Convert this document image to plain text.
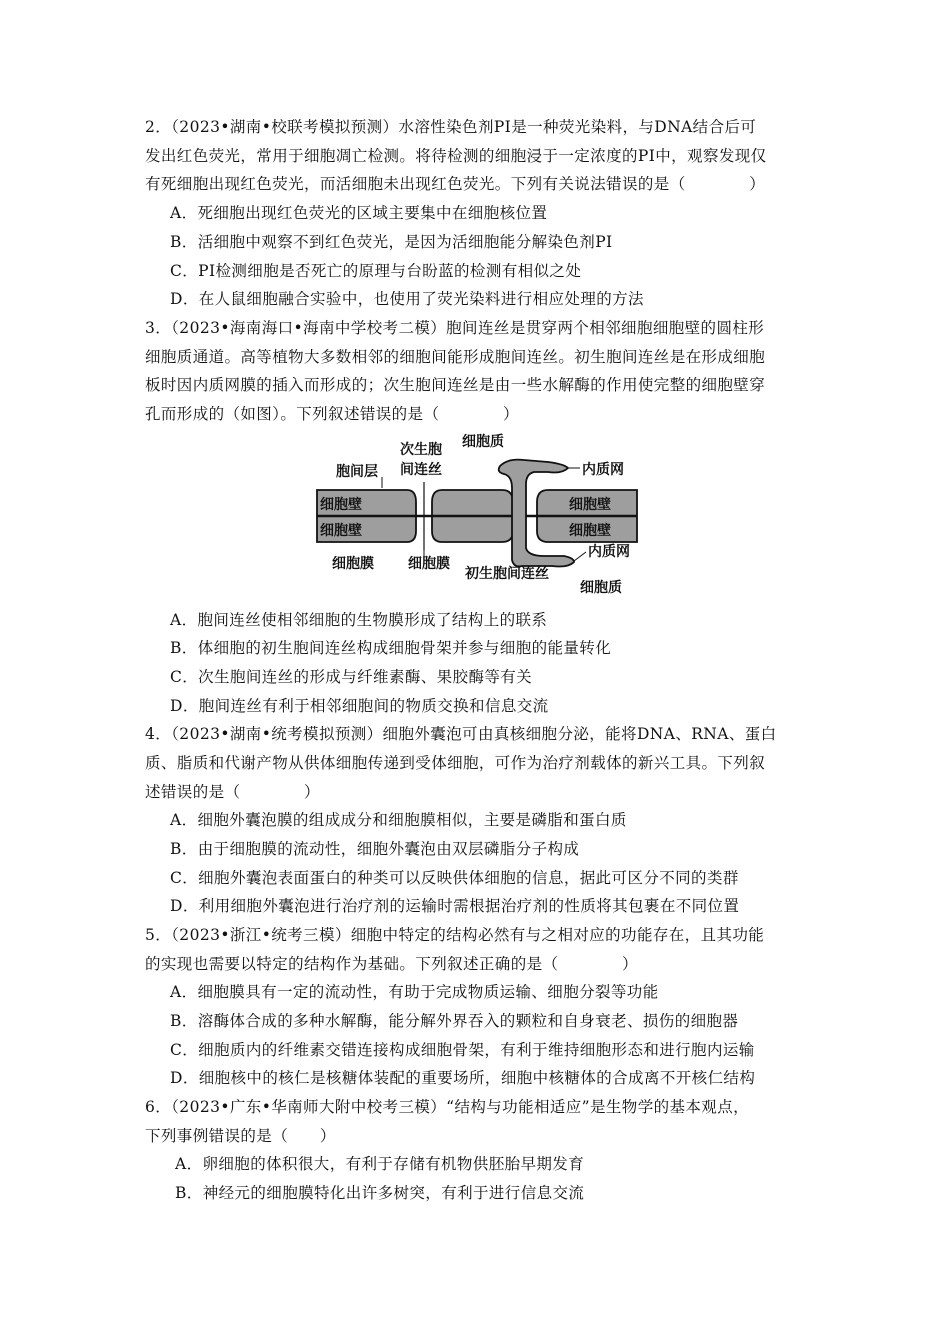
2．（2023•湖南•校联考模拟预测）水溶性染色剂PI是一种荧光染料，与DNA结合后可
发出红色荧光，常用于细胞凋亡检测。将待检测的细胞浸于一定浓度的PI中，观察发现仅
有死细胞出现红色荧光，而活细胞未出现红色荧光。下列有关说法错误的是（　　　　）
A．死细胞出现红色荧光的区域主要集中在细胞核位置
B．活细胞中观察不到红色荧光，是因为活细胞能分解染色剂PI
C．PI检测细胞是否死亡的原理与台盼蓝的检测有相似之处
D．在人鼠细胞融合实验中，也使用了荧光染料进行相应处理的方法
3．（2023•海南海口•海南中学校考二模）胞间连丝是贯穿两个相邻细胞细胞壁的圆柱形
细胞质通道。高等植物大多数相邻的细胞间能形成胞间连丝。初生胞间连丝是在形成细胞
板时因内质网膜的插入而形成的；次生胞间连丝是由一些水解酶的作用使完整的细胞壁穿
孔而形成的（如图）。下列叙述错误的是（　　　　）
次生胞
间连丝
细胞质
内质网
胞间层
细胞壁
细胞壁
细胞壁
细胞壁
细胞膜 细胞膜
初生胞间连丝
内质网
细胞质
A．胞间连丝使相邻细胞的生物膜形成了结构上的联系
B．体细胞的初生胞间连丝构成细胞骨架并参与细胞的能量转化
C．次生胞间连丝的形成与纤维素酶、果胶酶等有关
D．胞间连丝有利于相邻细胞间的物质交换和信息交流
4．（2023•湖南•统考模拟预测）细胞外囊泡可由真核细胞分泌，能将DNA、RNA、蛋白
质、脂质和代谢产物从供体细胞传递到受体细胞，可作为治疗剂载体的新兴工具。下列叙
述错误的是（　　　　）
A．细胞外囊泡膜的组成成分和细胞膜相似，主要是磷脂和蛋白质
B．由于细胞膜的流动性，细胞外囊泡由双层磷脂分子构成
C．细胞外囊泡表面蛋白的种类可以反映供体细胞的信息，据此可区分不同的类群
D．利用细胞外囊泡进行治疗剂的运输时需根据治疗剂的性质将其包裹在不同位置
5．（2023•浙江•统考三模）细胞中特定的结构必然有与之相对应的功能存在，且其功能
的实现也需要以特定的结构作为基础。下列叙述正确的是（　　　　）
A．细胞膜具有一定的流动性，有助于完成物质运输、细胞分裂等功能
B．溶酶体合成的多种水解酶，能分解外界吞入的颗粒和自身衰老、损伤的细胞器
C．细胞质内的纤维素交错连接构成细胞骨架，有利于维持细胞形态和进行胞内运输
D．细胞核中的核仁是核糖体装配的重要场所，细胞中核糖体的合成离不开核仁结构
6．（2023•广东•华南师大附中校考三模）“结构与功能相适应”是生物学的基本观点，
下列事例错误的是（　　）
A．卵细胞的体积很大，有利于存储有机物供胚胎早期发育
B．神经元的细胞膜特化出许多树突，有利于进行信息交流
